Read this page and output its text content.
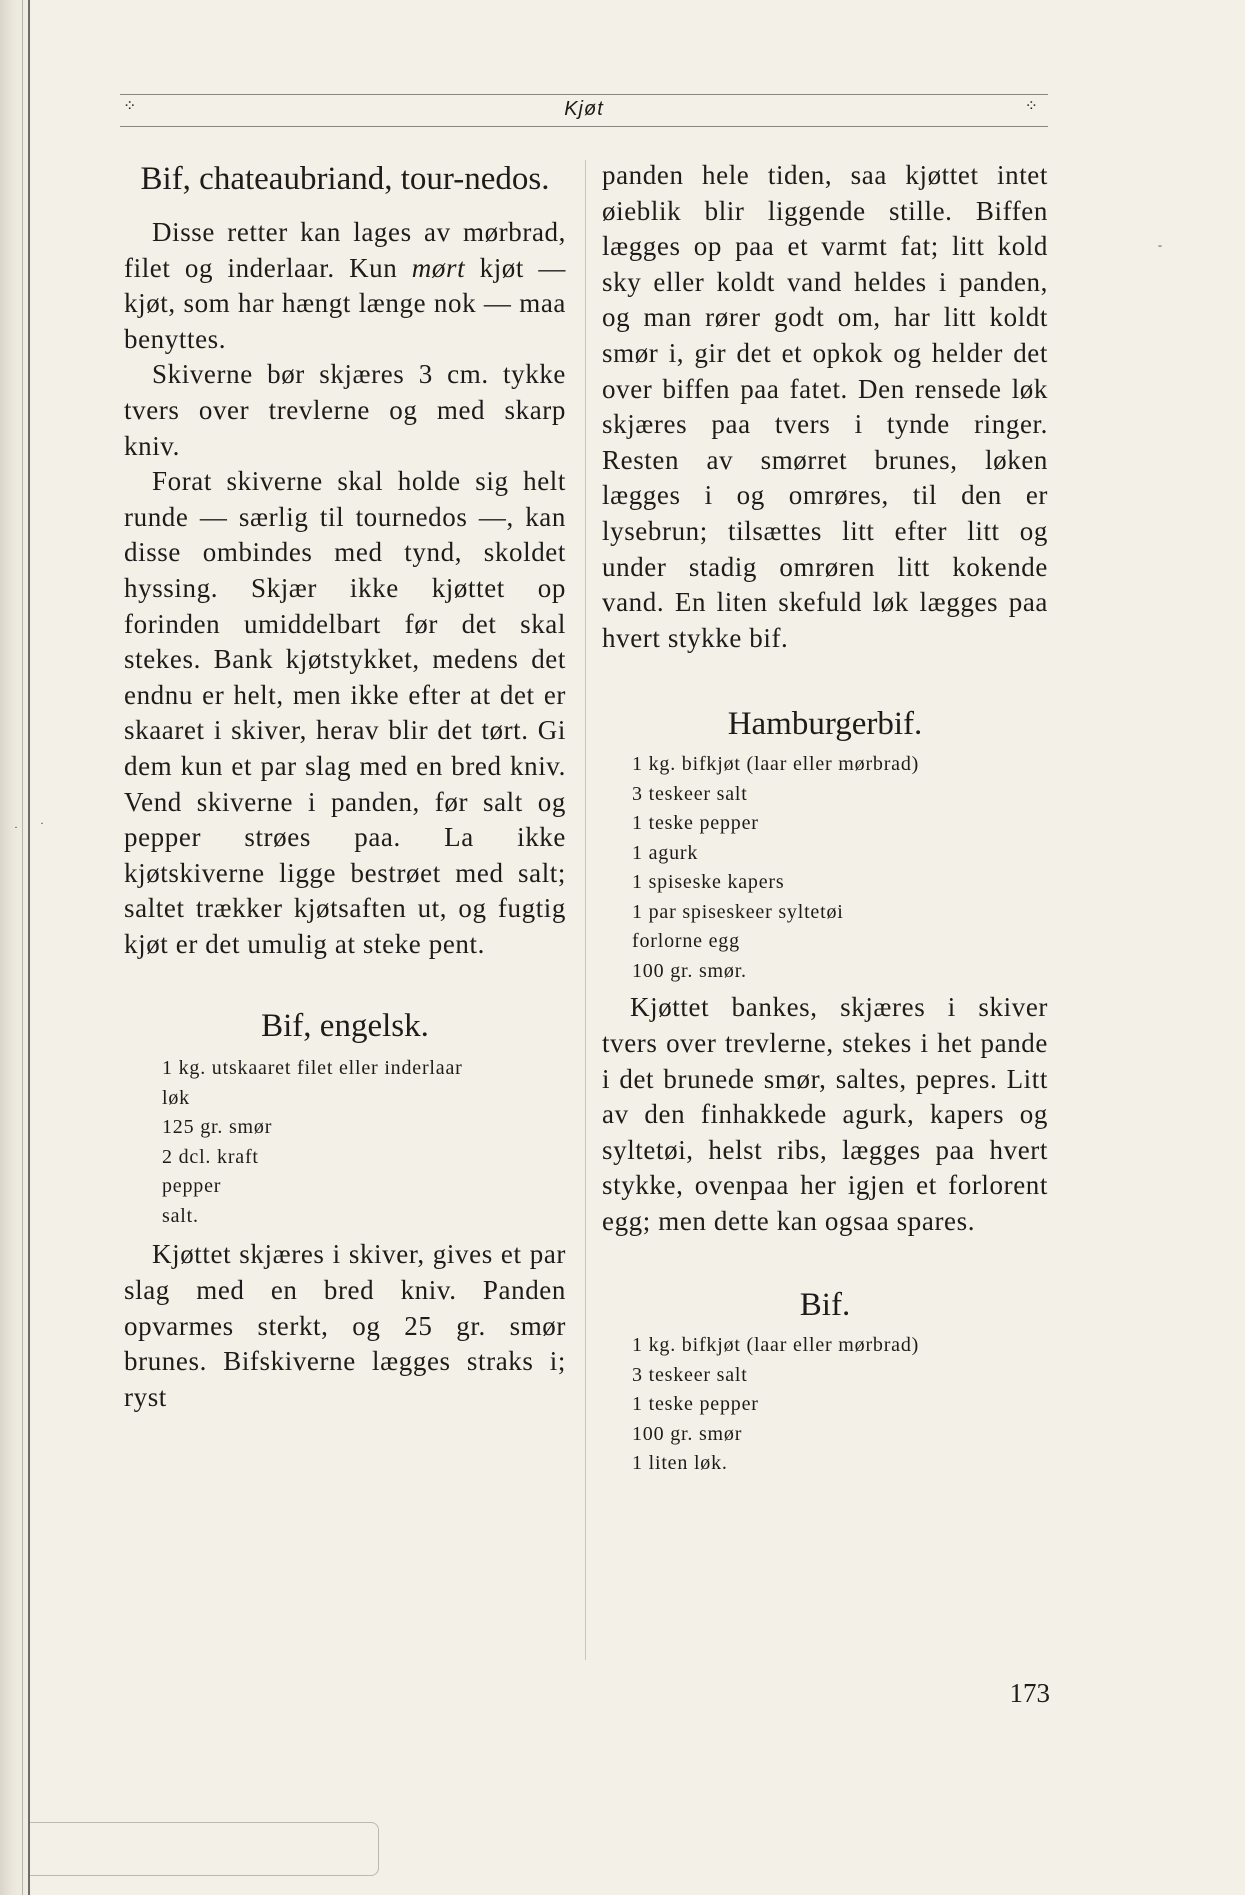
· ·
-
⁘	Kjøt	⁘
Bif, chateaubriand, tour-nedos.

Disse retter kan lages av mørbrad, filet og inderlaar. Kun mørt kjøt — kjøt, som har hængt længe nok — maa benyttes.

Skiverne bør skjæres 3 cm. tykke tvers over trevlerne og med skarp kniv.

Forat skiverne skal holde sig helt runde — særlig til tournedos —, kan disse ombindes med tynd, skoldet hyssing. Skjær ikke kjøttet op forinden umiddelbart før det skal stekes. Bank kjøtstykket, medens det endnu er helt, men ikke efter at det er skaaret i skiver, herav blir det tørt. Gi dem kun et par slag med en bred kniv. Vend skiverne i panden, før salt og pepper strøes paa. La ikke kjøtskiverne ligge bestrøet med salt; saltet trækker kjøtsaften ut, og fugtig kjøt er det umulig at steke pent.

Bif, engelsk.
1 kg. utskaaret filet eller inderlaar
løk
125 gr. smør
2 dcl. kraft
pepper
salt.

Kjøttet skjæres i skiver, gives et par slag med en bred kniv. Panden opvarmes sterkt, og 25 gr. smør brunes. Bifskiverne lægges straks i; ryst

panden hele tiden, saa kjøttet intet øieblik blir liggende stille. Biffen lægges op paa et varmt fat; litt kold sky eller koldt vand heldes i panden, og man rører godt om, har litt koldt smør i, gir det et opkok og helder det over biffen paa fatet. Den rensede løk skjæres paa tvers i tynde ringer. Resten av smørret brunes, løken lægges i og omrøres, til den er lysebrun; tilsættes litt efter litt og under stadig omrøren litt kokende vand. En liten skefuld løk lægges paa hvert stykke bif.

Hamburgerbif.
1 kg. bifkjøt (laar eller mørbrad)
3 teskeer salt
1 teske pepper
1 agurk
1 spiseske kapers
1 par spiseskeer syltetøi
forlorne egg
100 gr. smør.

Kjøttet bankes, skjæres i skiver tvers over trevlerne, stekes i het pande i det brunede smør, saltes, pepres. Litt av den finhakkede agurk, kapers og syltetøi, helst ribs, lægges paa hvert stykke, ovenpaa her igjen et forlorent egg; men dette kan ogsaa spares.

Bif.
1 kg. bifkjøt (laar eller mørbrad)
3 teskeer salt
1 teske pepper
100 gr. smør
1 liten løk.
173
